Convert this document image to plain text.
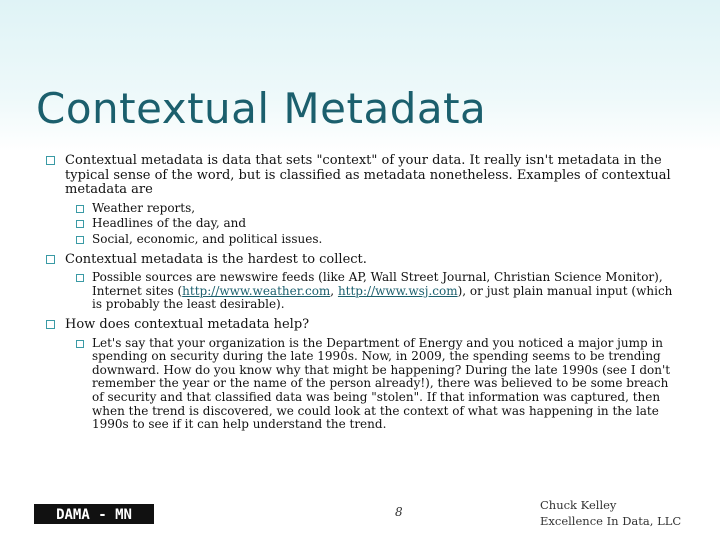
Contextual Metadata

Contextual metadata is data that sets "context" of your data. It really isn't metadata in the typical sense of the word, but is classified as metadata nonetheless. Examples of contextual metadata are

Weather reports,

Headlines of the day, and

Social, economic, and political issues.

Contextual metadata is the hardest to collect.

Possible sources are newswire feeds (like AP, Wall Street Journal, Christian Science Monitor), Internet sites (http://www.weather.com, http://www.wsj.com), or just plain manual input (which is probably the least desirable).

How does contextual metadata help?

Let's say that your organization is the Department of Energy and you noticed a major jump in spending on security during the late 1990s. Now, in 2009, the spending seems to be trending downward. How do you know why that might be happening? During the late 1990s (see I don't remember the year or the name of the person already!), there was believed to be some breach of security and that classified data was being "stolen". If that information was captured, then when the trend is discovered, we could look at the context of what was happening in the late 1990s to see if it can help understand the trend.

DAMA - MN	8	Chuck Kelley
Excellence In Data, LLC
